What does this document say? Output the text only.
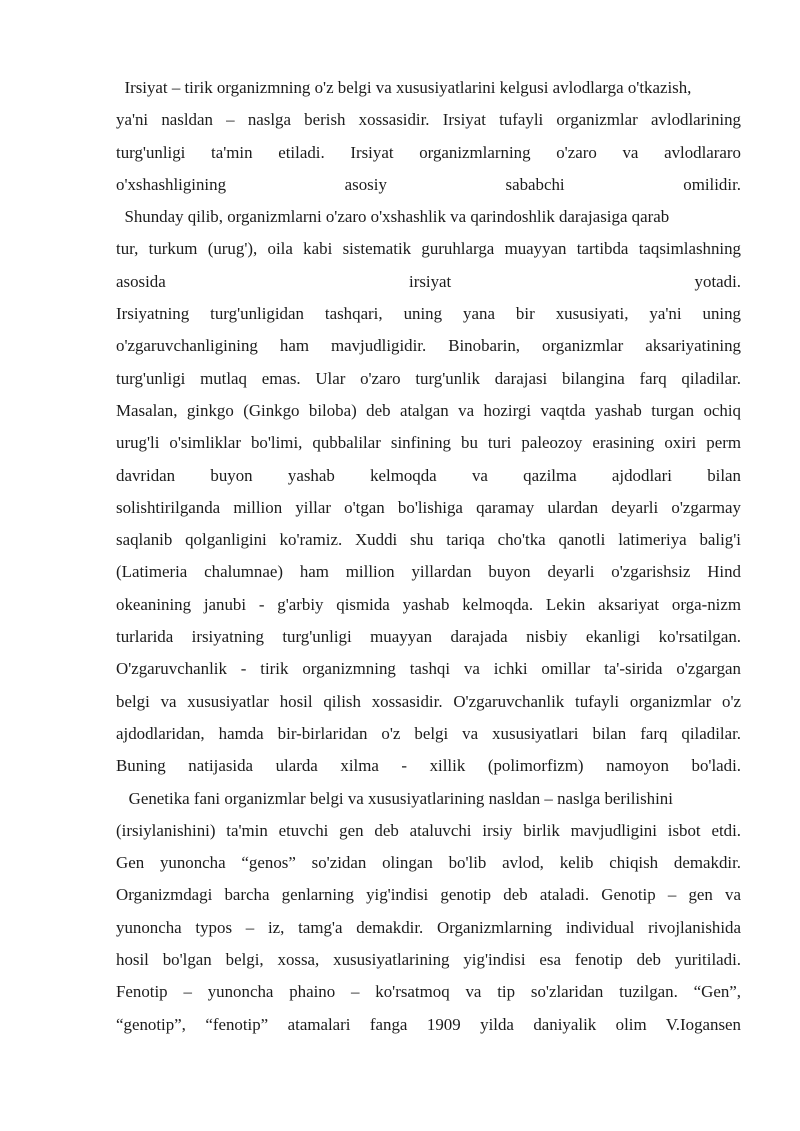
Irsiyat – tirik organizmning o'z belgi va xususiyatlarini kelgusi avlodlarga o'tkazish,
ya'ni nasldan – naslga berish xossasidir. Irsiyat tufayli organizmlar avlodlarining
turg'unligi ta'min etiladi. Irsiyat organizmlarning o'zaro va avlodlararo
o'xshashligining asosiy sababchi omilidir.
Shunday qilib, organizmlarni o'zaro o'xshashlik va qarindoshlik darajasiga qarab
tur, turkum (urug'), oila kabi sistematik guruhlarga muayyan tartibda taqsimlashning
asosida irsiyat yotadi.
Irsiyatning turg'unligidan tashqari, uning yana bir xususiyati, ya'ni uning
o'zgaruvchanligining ham mavjudligidir. Binobarin, organizmlar aksariyatining
turg'unligi mutlaq emas. Ular o'zaro turg'unlik darajasi bilangina farq qiladilar.
Masalan, ginkgo (Ginkgo biloba) deb atalgan va hozirgi vaqtda yashab turgan ochiq
urug'li o'simliklar bo'limi, qubbalilar sinfining bu turi paleozoy erasining oxiri perm
davridan buyon yashab kelmoqda va qazilma ajdodlari bilan
solishtirilganda million yillar o'tgan bo'lishiga qaramay ulardan deyarli o'zgarmay
saqlanib qolganligini ko'ramiz. Xuddi shu tariqa cho'tka qanotli latimeriya balig'i
(Latimeria chalumnae) ham million yillardan buyon deyarli o'zgarishsiz Hind
okeanining janubi - g'arbiy qismida yashab kelmoqda. Lekin aksariyat orga-nizm
turlarida irsiyatning turg'unligi muayyan darajada nisbiy ekanligi ko'rsatilgan.
O'zgaruvchanlik - tirik organizmning tashqi va ichki omillar ta'-sirida o'zgargan
belgi va xususiyatlar hosil qilish xossasidir. O'zgaruvchanlik tufayli organizmlar o'z
ajdodlaridan, hamda bir-birlaridan o'z belgi va xususiyatlari bilan farq qiladilar.
Buning natijasida ularda xilma - xillik (polimorfizm) namoyon bo'ladi.
Genetika fani organizmlar belgi va xususiyatlarining nasldan – naslga berilishini
(irsiylanishini) ta'min etuvchi gen deb ataluvchi irsiy birlik mavjudligini isbot etdi.
Gen yunoncha “genos” so'zidan olingan bo'lib avlod, kelib chiqish demakdir.
Organizmdagi barcha genlarning yig'indisi genotip deb ataladi. Genotip – gen va
yunoncha typos – iz, tamg'a demakdir. Organizmlarning individual rivojlanishida
hosil bo'lgan belgi, xossa, xususiyatlarining yig'indisi esa fenotip deb yuritiladi.
Fenotip – yunoncha phaino – ko'rsatmoq va tip so'zlaridan tuzilgan. “Gen”,
“genotip”, “fenotip” atamalari fanga 1909 yilda daniyalik olim V.Iogansen
